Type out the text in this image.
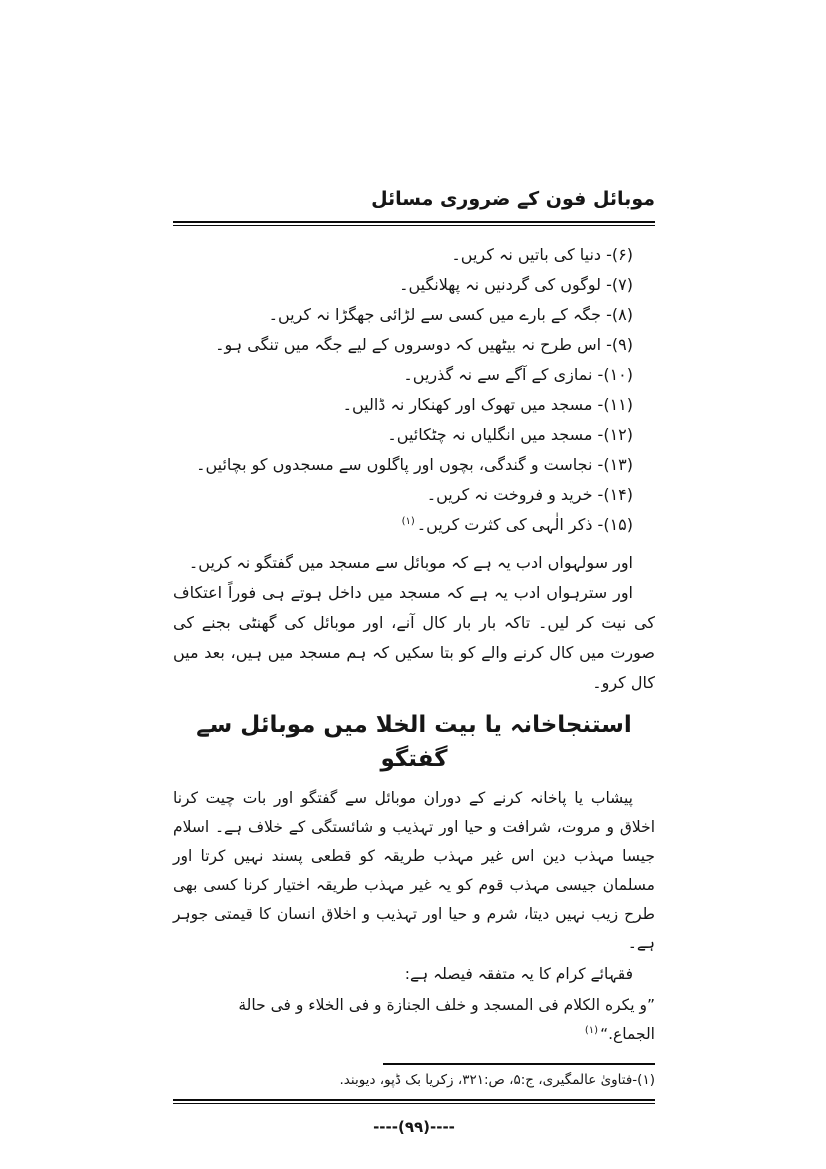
موبائل فون کے ضروری مسائل
(۶)- دنیا کی باتیں نہ کریں۔
(۷)- لوگوں کی گردنیں نہ پھلانگیں۔
(۸)- جگہ کے بارے میں کسی سے لڑائی جھگڑا نہ کریں۔
(۹)- اس طرح نہ بیٹھیں کہ دوسروں کے لیے جگہ میں تنگی ہو۔
(۱۰)- نمازی کے آگے سے نہ گذریں۔
(۱۱)- مسجد میں تھوک اور کھنکار نہ ڈالیں۔
(۱۲)- مسجد میں انگلیاں نہ چٹکائیں۔
(۱۳)- نجاست و گندگی، بچوں اور پاگلوں سے مسجدوں کو بچائیں۔
(۱۴)- خرید و فروخت نہ کریں۔
(۱۵)- ذکر الٰہی کی کثرت کریں۔$^{(۱)}$

اور سولہواں ادب یہ ہے کہ موبائل سے مسجد میں گفتگو نہ کریں۔

اور سترہواں ادب یہ ہے کہ مسجد میں داخل ہوتے ہی فوراً اعتکاف کی نیت کر لیں۔ تاکہ بار بار کال آنے، اور موبائل کی گھنٹی بجنے کی صورت میں کال کرنے والے کو بتا سکیں کہ ہم مسجد میں ہیں، بعد میں کال کرو۔

استنجاخانہ یا بیت الخلا میں موبائل سے گفتگو

پیشاب یا پاخانہ کرنے کے دوران موبائل سے گفتگو اور بات چیت کرنا اخلاق و مروت، شرافت و حیا اور تہذیب و شائستگی کے خلاف ہے۔ اسلام جیسا مہذب دین اس غیر مہذب طریقہ کو قطعی پسند نہیں کرتا اور مسلمان جیسی مہذب قوم کو یہ غیر مہذب طریقہ اختیار کرنا کسی بھی طرح زیب نہیں دیتا، شرم و حیا اور تہذیب و اخلاق انسان کا قیمتی جوہر ہے۔

فقہائے کرام کا یہ متفقہ فیصلہ ہے:
”و يكره الكلام فى المسجد و خلف الجنازة و فى الخلاء و فى حالة الجماع.“$^{(۱)}$
(۱)-فتاویٰ عالمگیری، ج:۵، ص:۳۲۱، زکریا بک ڈپو، دیوبند.
----(۹۹)----
